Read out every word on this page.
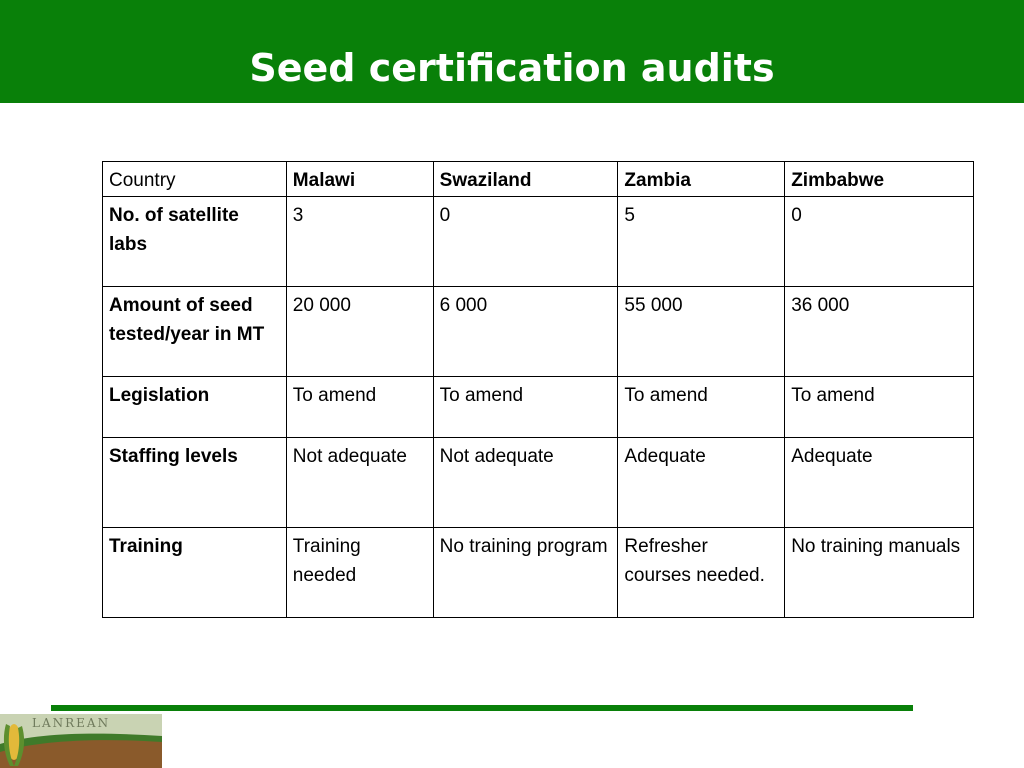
Seed certification audits
Country	Malawi	Swaziland	Zambia	Zimbabwe
No. of satellite labs	3	0	5	0
Amount of seed tested/year in MT	20 000	6 000	55 000	36 000
Legislation	To amend	To amend	To amend	To amend
Staffing levels	Not adequate	Not adequate	Adequate	Adequate
Training	Training needed	No training program	Refresher courses needed.	No training manuals
LANREAN
